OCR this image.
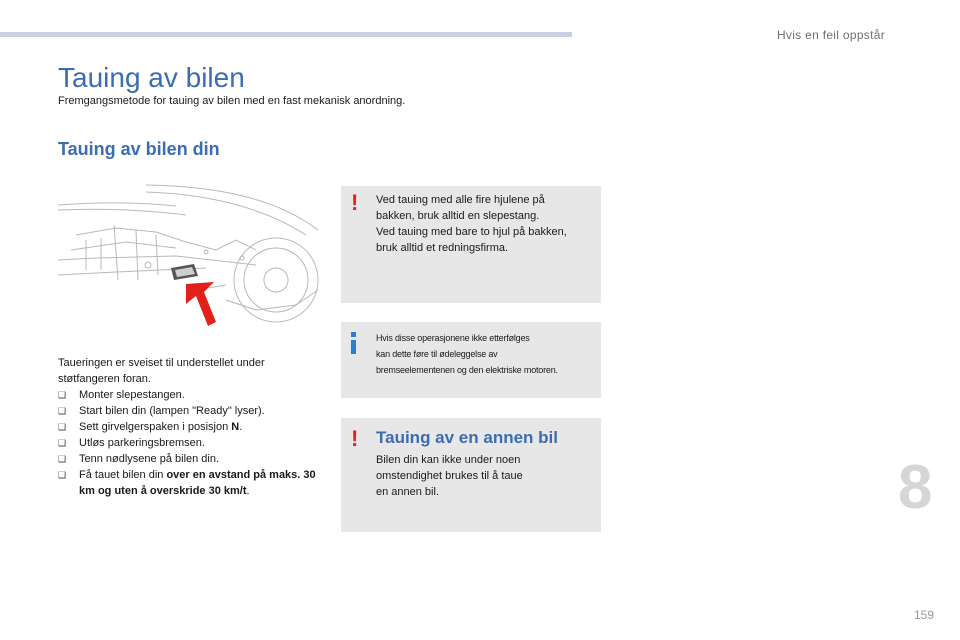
Hvis en feil oppstår
Tauing av bilen
Fremgangsmetode for tauing av bilen med en fast mekanisk anordning.
Tauing av bilen din

Taueringen er sveiset til understellet under

støtfangeren foran.

❏ Monter slepestangen.
❏ Start bilen din (lampen "Ready" lyser).
❏ Sett girvelgerspaken i posisjon N.
❏ Utløs parkeringsbremsen.
❏ Tenn nødlysene på bilen din.
❏ Få tauet bilen din over en avstand på maks. 30 km og uten å overskride 30 km/t.
! Ved tauing med alle fire hjulene på

bakken, bruk alltid en slepestang.

Ved tauing med bare to hjul på bakken,

bruk alltid et redningsfirma.

Hvis disse operasjonene ikke etterfølges

kan dette føre til ødeleggelse av

bremseelementenen og den elektriske motoren.

! Tauing av en annen bil

Bilen din kan ikke under noen

omstendighet brukes til å taue

en annen bil.	8
159
